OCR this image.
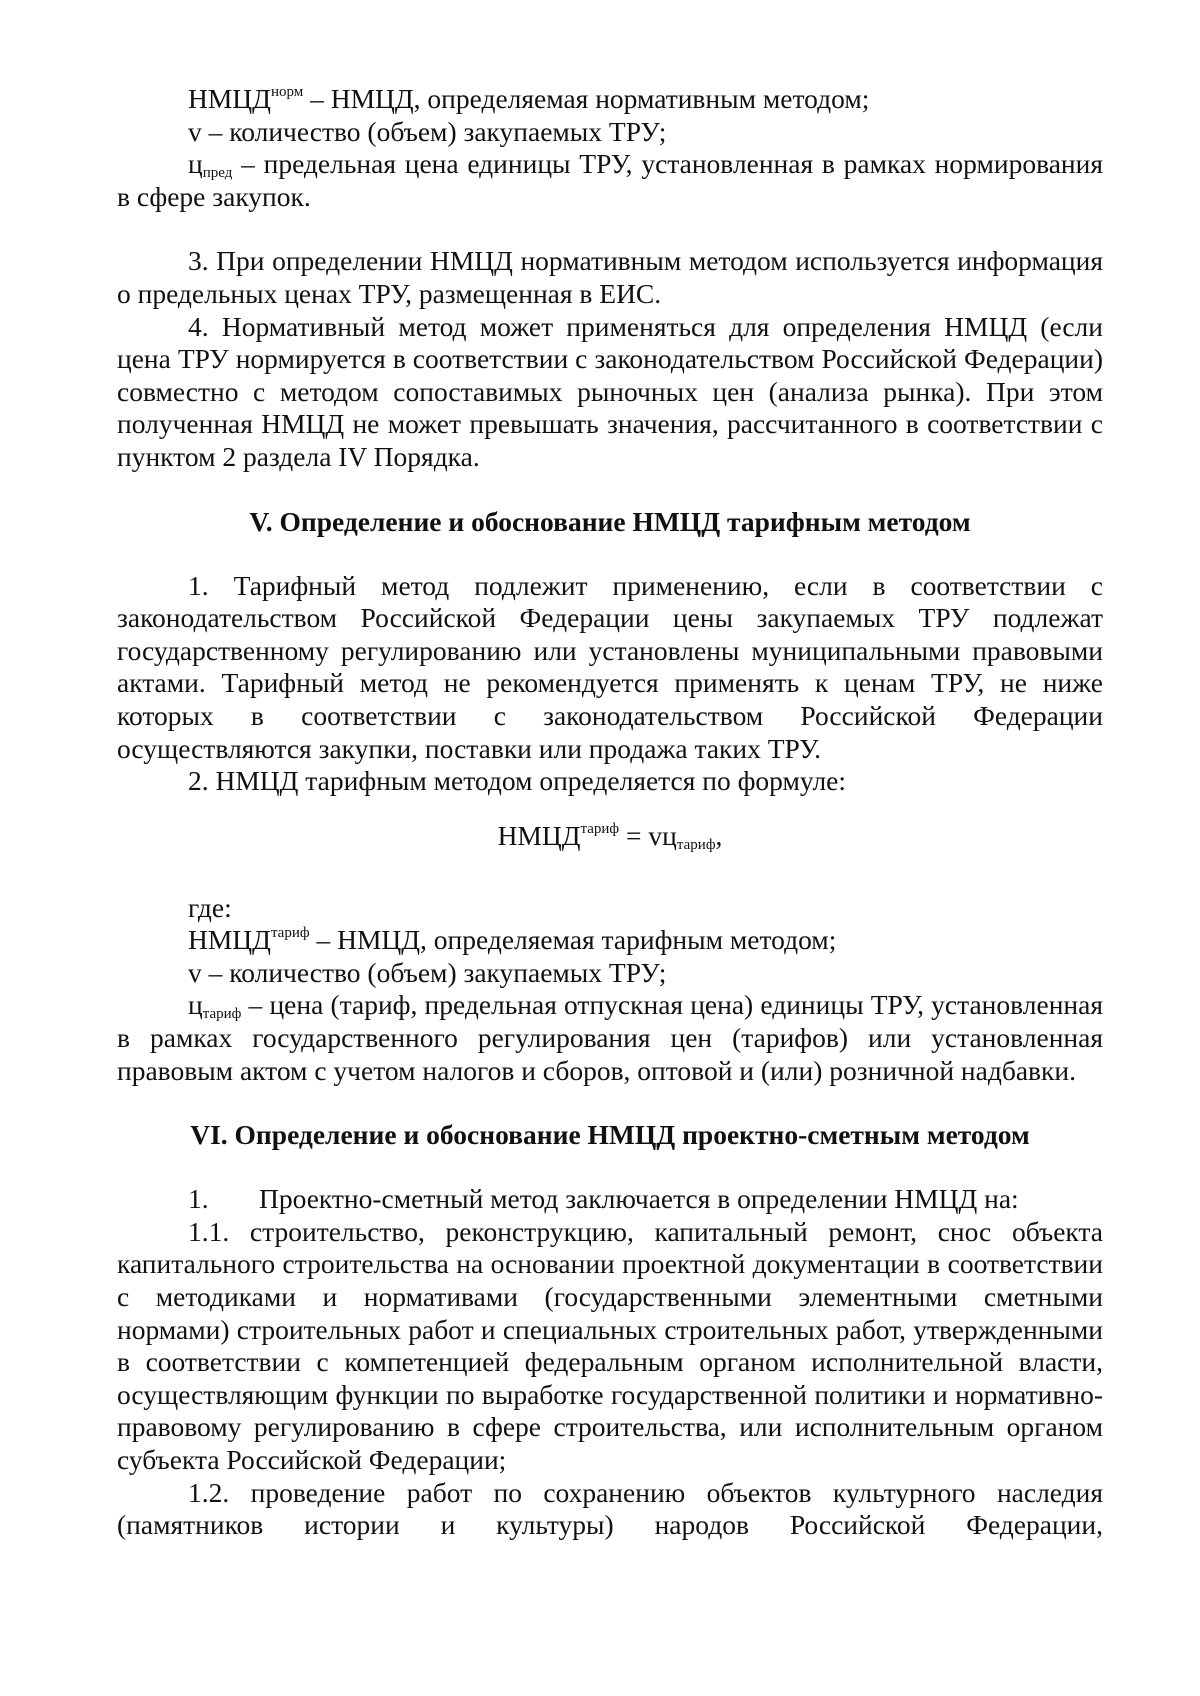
$НМЦД^{норм}$ – НМЦД, определяемая нормативным методом;

v – количество (объем) закупаемых ТРУ;

$ц_{пред}$ – предельная цена единицы ТРУ, установленная в рамках нормирования в сфере закупок.

3. При определении НМЦД нормативным методом используется информация о предельных ценах ТРУ, размещенная в ЕИС.

4. Нормативный метод может применяться для определения НМЦД (если цена ТРУ нормируется в соответствии с законодательством Российской Федерации) совместно с методом сопоставимых рыночных цен (анализа рынка). При этом полученная НМЦД не может превышать значения, рассчитанного в соответствии с пунктом 2 раздела IV Порядка.

V. Определение и обоснование НМЦД тарифным методом

1. Тарифный метод подлежит применению, если в соответствии с законодательством Российской Федерации цены закупаемых ТРУ подлежат государственному регулированию или установлены муниципальными правовыми актами. Тарифный метод не рекомендуется применять к ценам ТРУ, не ниже которых в соответствии с законодательством Российской Федерации осуществляются закупки, поставки или продажа таких ТРУ.

2. НМЦД тарифным методом определяется по формуле:

$НМЦД^{тариф} = vц_{тариф}$,

где:

$НМЦД^{тариф}$ – НМЦД, определяемая тарифным методом;

v – количество (объем) закупаемых ТРУ;

$ц_{тариф}$ – цена (тариф, предельная отпускная цена) единицы ТРУ, установленная в рамках государственного регулирования цен (тарифов) или установленная правовым актом с учетом налогов и сборов, оптовой и (или) розничной надбавки.

VI. Определение и обоснование НМЦД проектно-сметным методом

1. Проектно-сметный метод заключается в определении НМЦД на:

1.1. строительство, реконструкцию, капитальный ремонт, снос объекта капитального строительства на основании проектной документации в соответствии с методиками и нормативами (государственными элементными сметными нормами) строительных работ и специальных строительных работ, утвержденными в соответствии с компетенцией федеральным органом исполнительной власти, осуществляющим функции по выработке государственной политики и нормативно-правовому регулированию в сфере строительства, или исполнительным органом субъекта Российской Федерации;

1.2. проведение работ по сохранению объектов культурного наследия (памятников истории и культуры) народов Российской Федерации,
